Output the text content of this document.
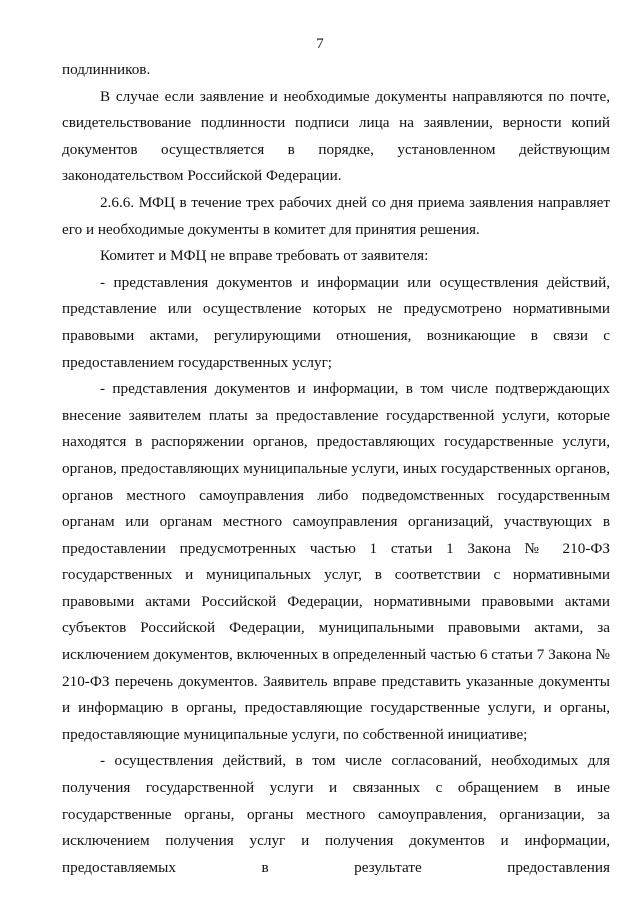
7

подлинников.

В случае если заявление и необходимые документы направляются по почте, свидетельствование подлинности подписи лица на заявлении, верности копий документов осуществляется в порядке, установленном действующим законодательством Российской Федерации.

2.6.6. МФЦ в течение трех рабочих дней со дня приема заявления направляет его и необходимые документы в комитет для принятия решения.

Комитет и МФЦ не вправе требовать от заявителя:

- представления документов и информации или осуществления действий, представление или осуществление которых не предусмотрено нормативными правовыми актами, регулирующими отношения, возникающие в связи с предоставлением государственных услуг;

- представления документов и информации, в том числе подтверждающих внесение заявителем платы за предоставление государственной услуги, которые находятся в распоряжении органов, предоставляющих государственные услуги, органов, предоставляющих муниципальные услуги, иных государственных органов, органов местного самоуправления либо подведомственных государственным органам или органам местного самоуправления организаций, участвующих в предоставлении предусмотренных частью 1 статьи 1 Закона № 210-ФЗ государственных и муниципальных услуг, в соответствии с нормативными правовыми актами Российской Федерации, нормативными правовыми актами субъектов Российской Федерации, муниципальными правовыми актами, за исключением документов, включенных в определенный частью 6 статьи 7 Закона № 210-ФЗ перечень документов. Заявитель вправе представить указанные документы и информацию в органы, предоставляющие государственные услуги, и органы, предоставляющие муниципальные услуги, по собственной инициативе;

- осуществления действий, в том числе согласований, необходимых для получения государственной услуги и связанных с обращением в иные государственные органы, органы местного самоуправления, организации, за исключением получения услуг и получения документов и информации, предоставляемых в результате предоставления
